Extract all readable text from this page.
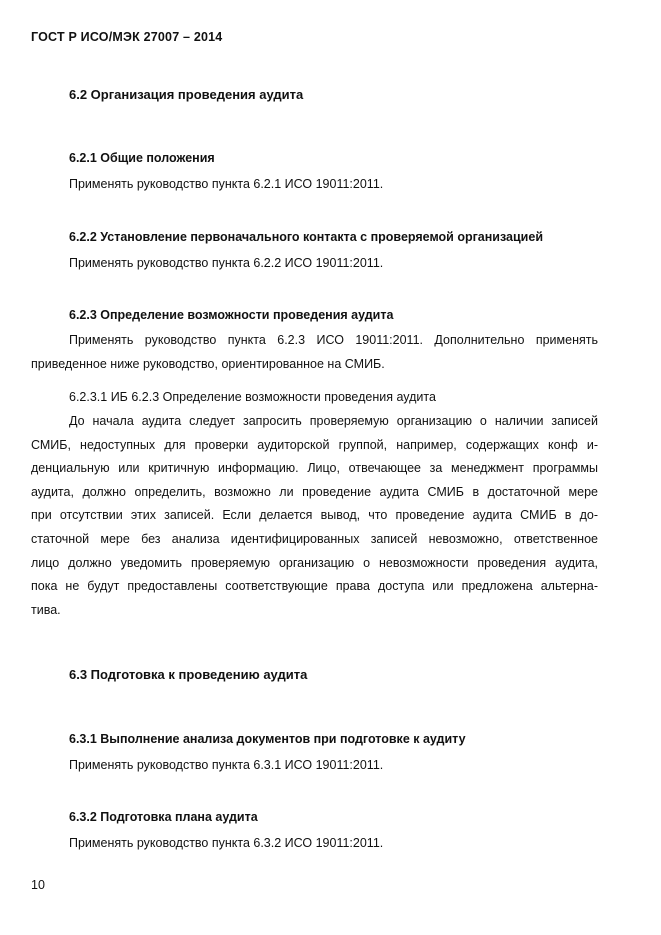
ГОСТ Р ИСО/МЭК 27007 – 2014
6.2 Организация проведения аудита
6.2.1 Общие положения
Применять руководство пункта 6.2.1 ИСО 19011:2011.
6.2.2 Установление первоначального контакта с проверяемой организацией
Применять руководство пункта 6.2.2 ИСО 19011:2011.
6.2.3 Определение возможности проведения аудита
Применять руководство пункта 6.2.3 ИСО 19011:2011. Дополнительно применять
приведенное ниже руководство, ориентированное на СМИБ.
6.2.3.1 ИБ 6.2.3 Определение возможности проведения аудита
До начала аудита следует запросить проверяемую организацию о наличии записей
СМИБ, недоступных для проверки аудиторской группой, например, содержащих конф и-
денциальную или критичную информацию. Лицо, отвечающее за менеджмент программы
аудита, должно определить, возможно ли проведение аудита СМИБ в достаточной мере
при отсутствии этих записей. Если делается вывод, что проведение аудита СМИБ в до-
статочной мере без анализа идентифицированных записей невозможно, ответственное
лицо должно уведомить проверяемую организацию о невозможности проведения аудита,
пока не будут предоставлены соответствующие права доступа или предложена альтерна-
тива.
6.3 Подготовка к проведению аудита
6.3.1 Выполнение анализа документов при подготовке к аудиту
Применять руководство пункта 6.3.1 ИСО 19011:2011.
6.3.2 Подготовка плана аудита
Применять руководство пункта 6.3.2 ИСО 19011:2011.
10
